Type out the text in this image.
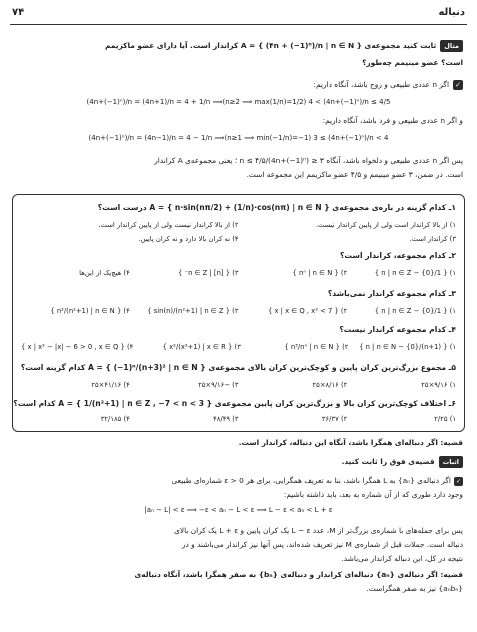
دنباله
۷۴
مثالثابت کنید مجموعه‌ی A = { (۴n + (−1)ⁿ)/n | n ∈ N } کراندار است. آیا دارای عضو ماکزیمم
است؟ عضو مینیمم چه‌طور؟
✓اگر n عددی طبیعی و زوج باشد، آنگاه داریم:
(4n+(−1)ⁿ)/n = (4n+1)/n = 4 + 1/n ⟹(n≥2 ⟹ max(1/n)=1/2) 4 < (4n+(−1)ⁿ)/n ≤ 4/5
و اگر n عددی طبیعی و فرد باشد، آنگاه داریم:
(4n+(−1)ⁿ)/n = (4n−1)/n = 4 − 1/n ⟹(n≥1 ⟹ min(−1/n)=−1) 3 ≤ (4n+(−1)ⁿ)/n < 4
پس اگر n عددی طبیعی و دلخواه باشد، آنگاه ۳ ≤ (4n+(−1)ⁿ)/n ≤ ۴/۵ ؛ یعنی مجموعه‌ی A کراندار
است. در ضمن، ۳ عضو مینیمم و ۴/۵ عضو ماکزیمم این مجموعه است.
۱ـ کدام گزینه در باره‌ی مجموعه‌ی A = { n·sin(nπ/2) + (1/n)·cos(nπ) | n ∈ N } درست است؟
۱) از بالا کراندار است ولی از پایین کراندار نیست.
۲) از بالا کراندار نیست ولی از پایین کراندار است.
۳) کراندار است.
۴) نه کران بالا دارد و نه کران پایین.
۲ـ کدام مجموعه، کراندار است؟
۱) { 1/n | n ∈ Z − {0} }
۲) { nⁿ | n ∈ N }
۳) { [n] | n ∈ Z⁻ }
۴) هیچ‌یک از این‌ها
۳ـ کدام مجموعه کراندار نمی‌باشد؟
۱) { 1/n | n ∈ Z − {0} }
۲) { x | x ∈ Q , x² < 7 }
۳) { sin(n)/(n²+1) | n ∈ Z }
۴) { n²/(n²+1) | n ∈ N }
۴ـ کدام مجموعه کراندار نیست؟
۱) { (n+1)/n | n ∈ N − {0} }
۲) { n³/nⁿ | n ∈ N }
۳) { x²/(x²+1) | x ∈ R }
۴) { x | x² − |x| − 6 > 0 , x ∈ Q }
۵ـ مجموع بزرگ‌ترین کران پایین و کوچک‌ترین کران بالای مجموعه‌ی A = { (−1)ⁿ/(n+3)² | n ∈ N } کدام گزینه است؟
۱) ۹/۱۶×۲۵
۲) ۸/۱۶×۲۵
۳) −۹/۱۶×۲۵
۴) ۴۱/۱۶×۲۵
۶ـ اختلاف کوچک‌ترین کران بالا و بزرگ‌ترین کران پایین مجموعه‌ی A = { 1/(n²+1) | n ∈ Z , −7 < n < 3 } کدام است؟
۱) ۲/۲۵
۲) ۳۶/۳۷
۳) ۴۸/۴۹
۴) ۳۲/۱۸۵
قضیه: اگر دنباله‌ای همگرا باشد، آنگاه این دنباله، کراندار است.
اثباتقضیه‌ی فوق را ثابت کنید.
✓اگر دنباله‌ی {aₙ} به L همگرا باشد، بنا به تعریف همگرایی، برای هر ε > 0 شماره‌ای طبیعی
وجود دارد طوری که از آن شماره به بعد، باید داشته باشیم:
|aₙ − L| < ε ⟹ −ε < aₙ − L < ε ⟹ L − ε < aₙ < L + ε
پس برای جمله‌های با شماره‌ی بزرگ‌تر از M، عدد L − ε یک کران پایین و L + ε یک کران بالای
دنباله است. جملات قبل از شماره‌ی M نیز تعریف شده‌اند، پس آنها نیز کراندار می‌باشند و در
نتیجه در کل، این دنباله کراندار می‌باشد.
قضیه: اگر دنباله‌ی {aₙ} دنباله‌ای کراندار و دنباله‌ی {bₙ} به صفر همگرا باشد، آنگاه دنباله‌ی
{aₙbₙ} نیز به صفر همگراست.
